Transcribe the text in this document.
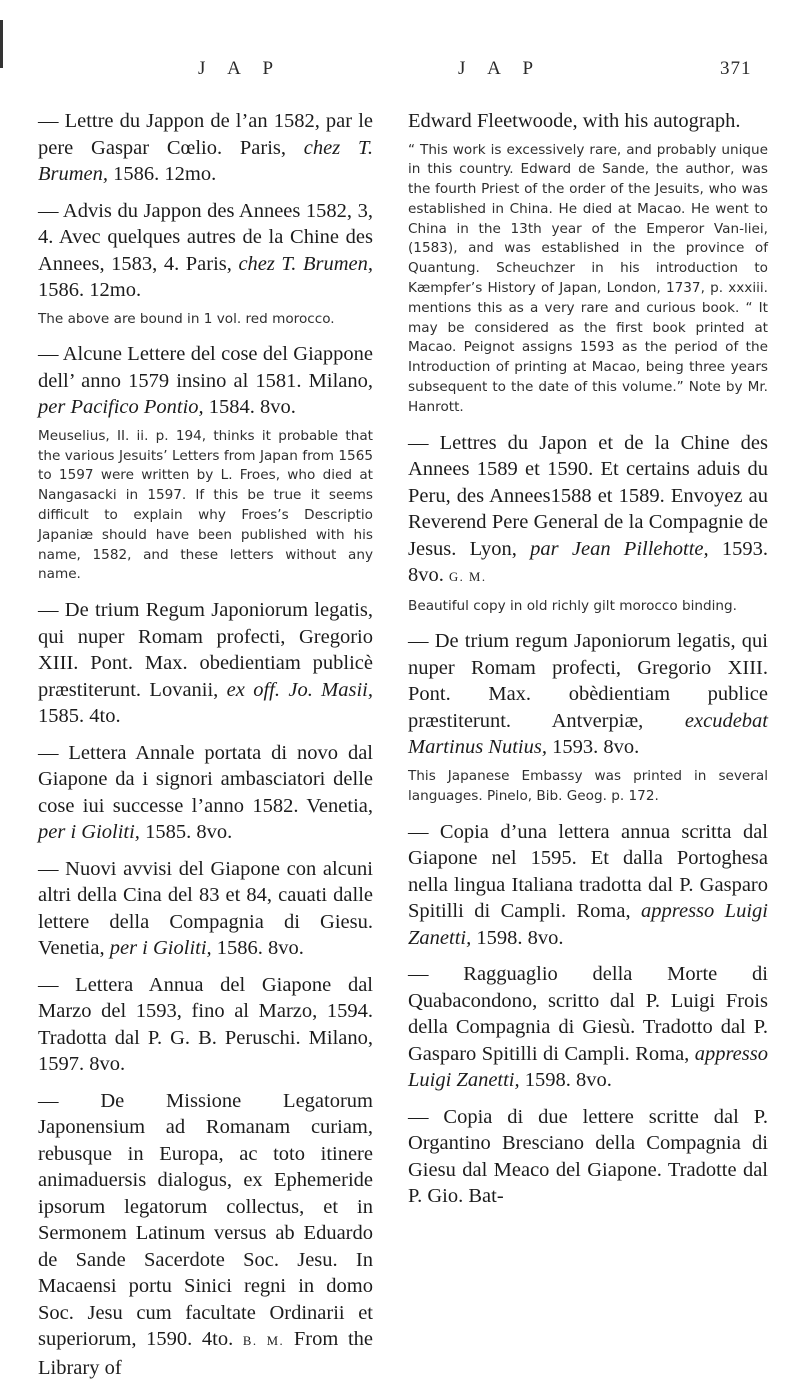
J A P	J A P	371

— Lettre du Jappon de l’an 1582, par le pere Gaspar Cœlio. Paris, chez T. Brumen, 1586. 12mo.

— Advis du Jappon des Annees 1582, 3, 4. Avec quelques autres de la Chine des Annees, 1583, 4. Paris, chez T. Brumen, 1586. 12mo.

The above are bound in 1 vol. red morocco.

— Alcune Lettere del cose del Giappone dell’ anno 1579 insino al 1581. Milano, per Pacifico Pontio, 1584. 8vo.

Meuselius, II. ii. p. 194, thinks it probable that the various Jesuits’ Letters from Japan from 1565 to 1597 were written by L. Froes, who died at Nangasacki in 1597. If this be true it seems difficult to explain why Froes’s Descriptio Japaniæ should have been published with his name, 1582, and these letters without any name.

— De trium Regum Japoniorum legatis, qui nuper Romam profecti, Gregorio XIII. Pont. Max. obedientiam publicè præstiterunt. Lovanii, ex off. Jo. Masii, 1585. 4to.

— Lettera Annale portata di novo dal Giapone da i signori ambasciatori delle cose iui successe l’anno 1582. Venetia, per i Gioliti, 1585. 8vo.

— Nuovi avvisi del Giapone con alcuni altri della Cina del 83 et 84, cauati dalle lettere della Compagnia di Giesu. Venetia, per i Gioliti, 1586. 8vo.

— Lettera Annua del Giapone dal Marzo del 1593, fino al Marzo, 1594. Tradotta dal P. G. B. Peruschi. Milano, 1597. 8vo.

— De Missione Legatorum Japonensium ad Romanam curiam, rebusque in Europa, ac toto itinere animaduersis dialogus, ex Ephemeride ipsorum legatorum collectus, et in Sermonem Latinum versus ab Eduardo de Sande Sacerdote Soc. Jesu. In Macaensi portu Sinici regni in domo Soc. Jesu cum facultate Ordinarii et superiorum, 1590. 4to. B. M. From the Library of

Edward Fleetwoode, with his autograph.

“ This work is excessively rare, and probably unique in this country. Edward de Sande, the author, was the fourth Priest of the order of the Jesuits, who was established in China. He died at Macao. He went to China in the 13th year of the Emperor Van-liei, (1583), and was established in the province of Quantung. Scheuchzer in his introduction to Kæmpfer’s History of Japan, London, 1737, p. xxxiii. mentions this as a very rare and curious book. “ It may be considered as the first book printed at Macao. Peignot assigns 1593 as the period of the Introduction of printing at Macao, being three years subsequent to the date of this volume.” Note by Mr. Hanrott.

— Lettres du Japon et de la Chine des Annees 1589 et 1590. Et certains aduis du Peru, des Annees1588 et 1589. Envoyez au Reverend Pere General de la Compagnie de Jesus. Lyon, par Jean Pillehotte, 1593. 8vo. G. M.

Beautiful copy in old richly gilt morocco binding.

— De trium regum Japoniorum legatis, qui nuper Romam profecti, Gregorio XIII. Pont. Max. obèdientiam publice præstiterunt. Antverpiæ, excudebat Martinus Nutius, 1593. 8vo.

This Japanese Embassy was printed in several languages. Pinelo, Bib. Geog. p. 172.

— Copia d’una lettera annua scritta dal Giapone nel 1595. Et dalla Portoghesa nella lingua Italiana tradotta dal P. Gasparo Spitilli di Campli. Roma, appresso Luigi Zanetti, 1598. 8vo.

— Ragguaglio della Morte di Quabacondono, scritto dal P. Luigi Frois della Compagnia di Giesù. Tradotto dal P. Gasparo Spitilli di Campli. Roma, appresso Luigi Zanetti, 1598. 8vo.

— Copia di due lettere scritte dal P. Organtino Bresciano della Compagnia di Giesu dal Meaco del Giapone. Tradotte dal P. Gio. Bat-
